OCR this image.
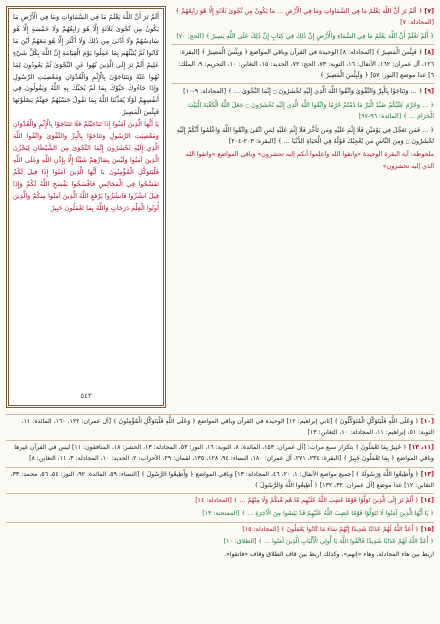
أَلَمْ تَرَ أَنَّ اللَّهَ يَعْلَمُ مَا فِي السَّمَاوَاتِ وَمَا فِي الْأَرْضِ مَا يَكُونُ مِن نَّجْوَىٰ ثَلَاثَةٍ إِلَّا هُوَ رَابِعُهُمْ وَلَا خَمْسَةٍ إِلَّا هُوَ سَادِسُهُمْ وَلَا أَدْنَىٰ مِن ذَٰلِكَ وَلَا أَكْثَرَ إِلَّا هُوَ مَعَهُمْ أَيْنَ مَا كَانُوا ثُمَّ يُنَبِّئُهُم بِمَا عَمِلُوا يَوْمَ الْقِيَامَةِ إِنَّ اللَّهَ بِكُلِّ شَيْءٍ عَلِيمٌ أَلَمْ تَرَ إِلَى الَّذِينَ نُهُوا عَنِ النَّجْوَىٰ ثُمَّ يَعُودُونَ لِمَا نُهُوا عَنْهُ وَيَتَنَاجَوْنَ بِالْإِثْمِ وَالْعُدْوَانِ وَمَعْصِيَتِ الرَّسُولِ وَإِذَا جَاءُوكَ حَيَّوْكَ بِمَا لَمْ يُحَيِّكَ بِهِ اللَّهُ وَيَقُولُونَ فِي أَنفُسِهِمْ لَوْلَا يُعَذِّبُنَا اللَّهُ بِمَا نَقُولُ حَسْبُهُمْ جَهَنَّمُ يَصْلَوْنَهَا فَبِئْسَ الْمَصِيرُ
يَا أَيُّهَا الَّذِينَ آمَنُوا إِذَا تَنَاجَيْتُمْ فَلَا تَتَنَاجَوْا بِالْإِثْمِ وَالْعُدْوَانِ وَمَعْصِيَتِ الرَّسُولِ وَتَنَاجَوْا بِالْبِرِّ وَالتَّقْوَىٰ وَاتَّقُوا اللَّهَ الَّذِي إِلَيْهِ تُحْشَرُونَ إِنَّمَا النَّجْوَىٰ مِنَ الشَّيْطَانِ لِيَحْزُنَ الَّذِينَ آمَنُوا وَلَيْسَ بِضَارِّهِمْ شَيْئًا إِلَّا بِإِذْنِ اللَّهِ وَعَلَى اللَّهِ فَلْيَتَوَكَّلِ الْمُؤْمِنُونَ يَا أَيُّهَا الَّذِينَ آمَنُوا إِذَا قِيلَ لَكُمْ تَفَسَّحُوا فِي الْمَجَالِسِ فَافْسَحُوا يَفْسَحِ اللَّهُ لَكُمْ وَإِذَا قِيلَ انشُزُوا فَانشُزُوا يَرْفَعِ اللَّهُ الَّذِينَ آمَنُوا مِنكُمْ وَالَّذِينَ أُوتُوا الْعِلْمَ دَرَجَاتٍ وَاللَّهُ بِمَا تَعْمَلُونَ خَبِيرٌ
٥٤٣
[٧] ﴿ أَلَمْ تَرَ أَنَّ اللَّهَ يَعْلَمُ مَا فِي السَّمَاوَاتِ وَمَا فِي الْأَرْضِ … مَا يَكُونُ مِن نَّجْوَىٰ ثَلَاثَةٍ إِلَّا هُوَ رَابِعُهُمْ ﴾ [المجادلة: ٧]
﴿ أَلَمْ تَعْلَمْ أَنَّ اللَّهَ يَعْلَمُ مَا فِي السَّمَاءِ وَالْأَرْضِ إِنَّ ذَٰلِكَ فِي كِتَابٍ إِنَّ ذَٰلِكَ عَلَى اللَّهِ يَسِيرٌ ﴾ [الحج: ٧٠]
[٨] ﴿ فَبِئْسَ الْمَصِيرُ ﴾ [المجادلة: ٨] الوحيدة في القرآن وباقي المواضع ﴿ وَبِئْسَ الْمَصِيرُ ﴾ [البقرة: ١٢٦، آل عمران: ١٦٢، الأنفال: ١٦، التوبة: ٧٣، الحج: ٧٢، الحديد: ١٥، التغابن: ١٠، التحريم: ٩، الملك: ٦] عدا موضع [النور: ٥٧] ﴿ وَلَبِئْسَ الْمَصِيرُ ﴾
[٩] ﴿ … وَتَنَاجَوْا بِالْبِرِّ وَالتَّقْوَىٰ وَاتَّقُوا اللَّهَ الَّذِي إِلَيْهِ تُحْشَرُونَ ۝ إِنَّمَا النَّجْوَىٰ … ﴾ [المجادلة: ٩-١٠]
﴿ … وَحُرِّمَ عَلَيْكُمْ صَيْدُ الْبَرِّ مَا دُمْتُمْ حُرُمًا وَاتَّقُوا اللَّهَ الَّذِي إِلَيْهِ تُحْشَرُونَ ۝ جَعَلَ اللَّهُ الْكَعْبَةَ الْبَيْتَ الْحَرَامَ … ﴾ [المائدة: ٩٦-٩٧]
﴿ … فَمَن تَعَجَّلَ فِي يَوْمَيْنِ فَلَا إِثْمَ عَلَيْهِ وَمَن تَأَخَّرَ فَلَا إِثْمَ عَلَيْهِ لِمَنِ اتَّقَىٰ وَاتَّقُوا اللَّهَ وَاعْلَمُوا أَنَّكُمْ إِلَيْهِ تُحْشَرُونَ ۝ وَمِنَ النَّاسِ مَن يُعْجِبُكَ قَوْلُهُ فِي الْحَيَاةِ الدُّنْيَا … ﴾ [البقرة: ٢٠٣-٢٠٤]
ملحوظة: آية البقرة الوحيدة «واتقوا الله واعلموا أنكم إليه تحشرون» وباقي المواضع «واتقوا الله الذي إليه تحشرون»
[١٠] ﴿ وَعَلَى اللَّهِ فَلْيَتَوَكَّلِ الْمُتَوَكِّلُونَ ﴾ [ثاني إبراهيم: ١٢] الوحيدة في القرآن وباقي المواضع ﴿ وَعَلَى اللَّهِ فَلْيَتَوَكَّلِ الْمُؤْمِنُونَ ﴾ [آل عمران: ١٢٢، ١٦٠، المائدة: ١١، التوبة: ٥١، إبراهيم: ١١، المجادلة: ١٠، التغابن: ١٣]
[١١، ١٣] ﴿ خَبِيرٌ بِمَا تَعْمَلُونَ ﴾ بتكرار سبع مرات: [آل عمران: ١٥٣، المائدة: ٨، التوبة: ١٦، النور: ٥٣، المجادلة: ١٣، الحشر: ١٨، المنافقون: ١١] ليس في القرآن غيرها وباقي المواضع ﴿ بِمَا تَعْمَلُونَ خَبِيرٌ ﴾ [البقرة: ٢٣٤، ٢٧١، آل عمران: ١٨٠، النساء: ٩٤، ١٢٨، ١٣٥، لقمان: ٢٩، الأحزاب: ٢، الحديد: ١٠، المجادلة: ٣، ١١، التغابن: ٨]
[١٣] ﴿ وَأَطِيعُوا اللَّهَ وَرَسُولَهُ ﴾ [جميع مواضع الأنفال: ١، ٢٠، ٤٦، المجادلة: ١٣] وباقي المواضع ﴿ وَأَطِيعُوا الرَّسُولَ ﴾ [النساء: ٥٩، المائدة: ٩٢، النور: ٥٤، ٥٦، محمد: ٣٣، التغابن: ١٢] عدا موضع [آل عمران: ٣٢، ١٣٢] ﴿ أَطِيعُوا اللَّهَ وَالرَّسُولَ ﴾
[١٤] ﴿ أَلَمْ تَرَ إِلَى الَّذِينَ تَوَلَّوْا قَوْمًا غَضِبَ اللَّهُ عَلَيْهِم مَّا هُم مِّنكُمْ وَلَا مِنْهُمْ … ﴾ [المجادلة: ١٤]
﴿ يَا أَيُّهَا الَّذِينَ آمَنُوا لَا تَتَوَلَّوْا قَوْمًا غَضِبَ اللَّهُ عَلَيْهِمْ قَدْ يَئِسُوا مِنَ الْآخِرَةِ … ﴾ [الممتحنة: ١٣]
[١٥] ﴿ أَعَدَّ اللَّهُ لَهُمْ عَذَابًا شَدِيدًا إِنَّهُمْ سَاءَ مَا كَانُوا يَعْمَلُونَ ﴾ [المجادلة: ١٥]
﴿ أَعَدَّ اللَّهُ لَهُمْ عَذَابًا شَدِيدًا فَاتَّقُوا اللَّهَ يَا أُولِي الْأَلْبَابِ الَّذِينَ آمَنُوا … ﴾ [الطلاق: ١٠]
اربط بين هاء المجادلة، وهاء «إنهم»، وكذلك اربط بين قاف الطلاق وقاف «فاتقوا».
